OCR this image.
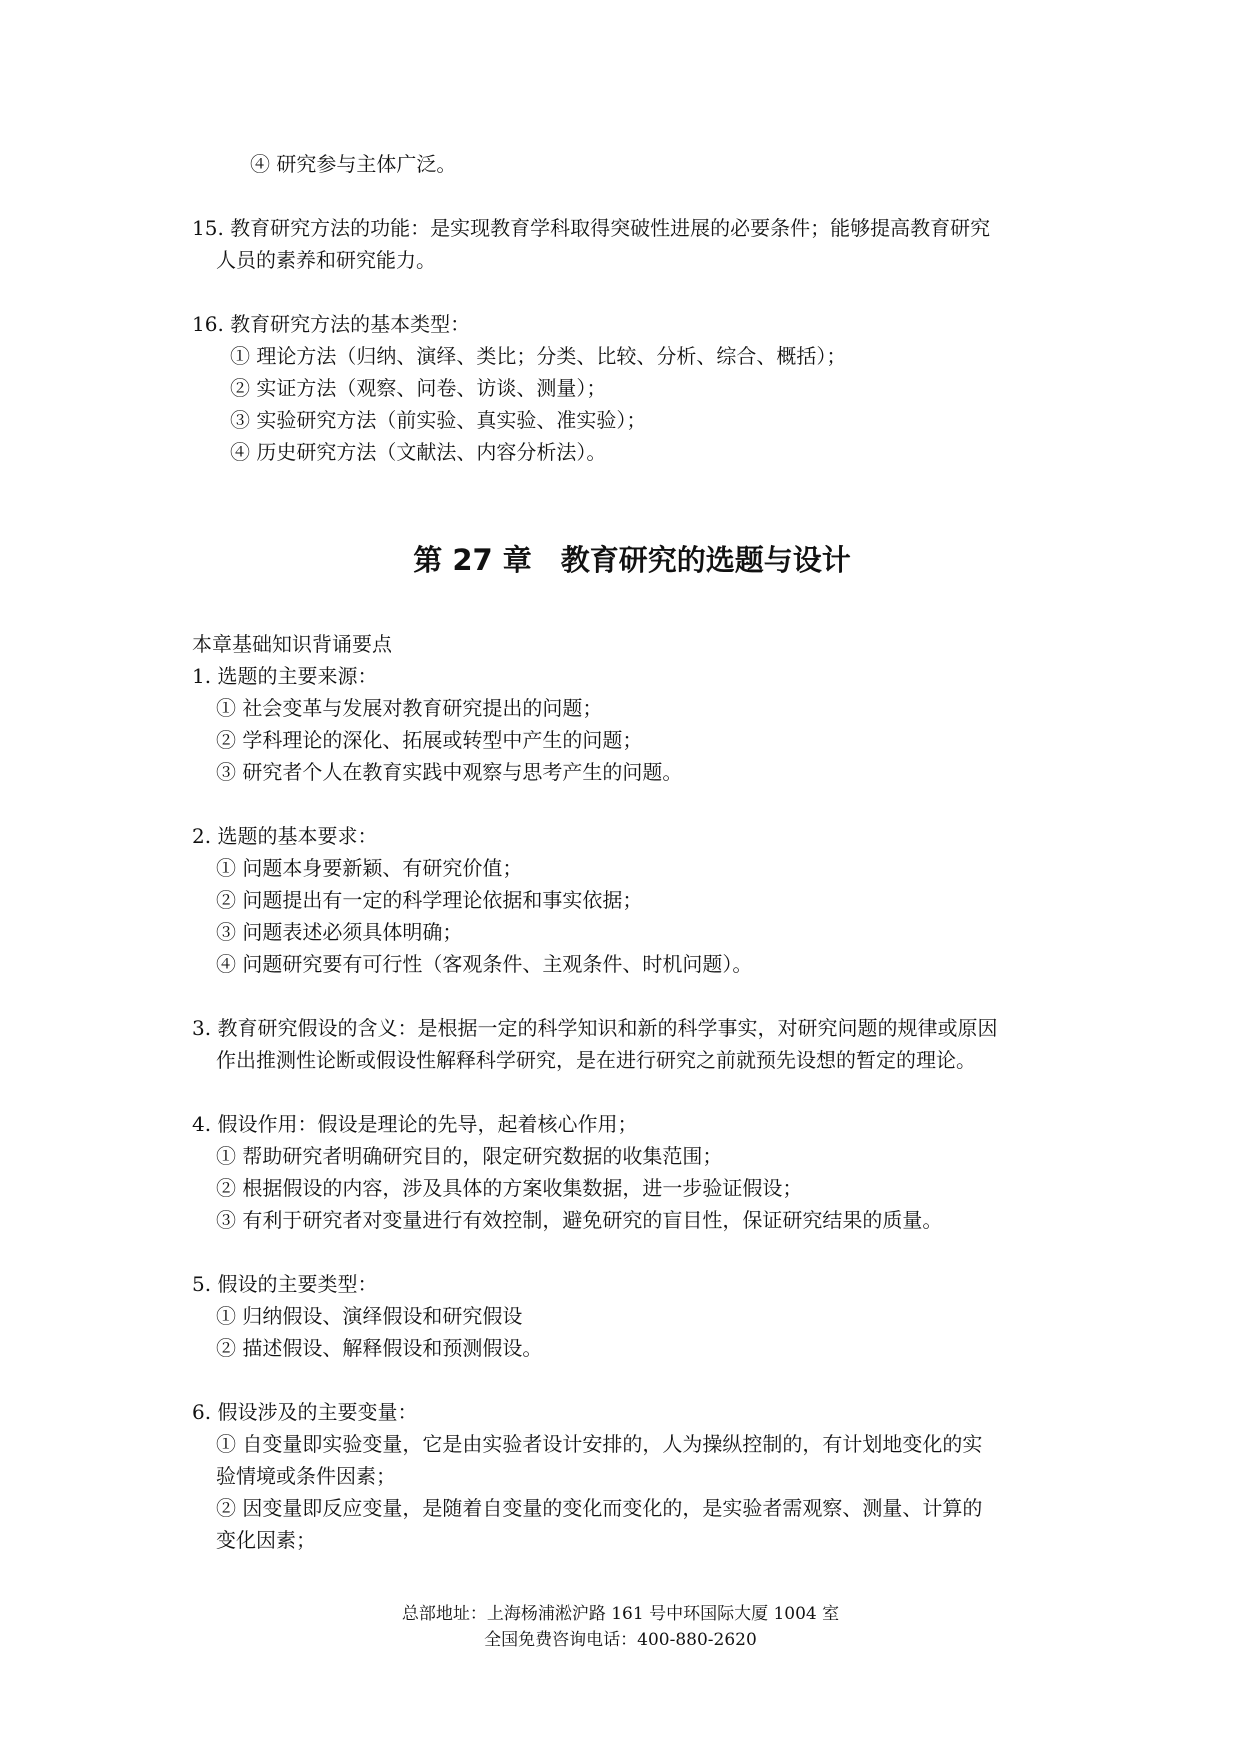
④ 研究参与主体广泛。
15. 教育研究方法的功能：是实现教育学科取得突破性进展的必要条件；能够提高教育研究
人员的素养和研究能力。
16. 教育研究方法的基本类型：
① 理论方法（归纳、演绎、类比；分类、比较、分析、综合、概括）；
② 实证方法（观察、问卷、访谈、测量）；
③ 实验研究方法（前实验、真实验、准实验）；
④ 历史研究方法（文献法、内容分析法）。
第 27 章　教育研究的选题与设计
本章基础知识背诵要点
1. 选题的主要来源：
① 社会变革与发展对教育研究提出的问题；
② 学科理论的深化、拓展或转型中产生的问题；
③ 研究者个人在教育实践中观察与思考产生的问题。
2. 选题的基本要求：
① 问题本身要新颖、有研究价值；
② 问题提出有一定的科学理论依据和事实依据；
③ 问题表述必须具体明确；
④ 问题研究要有可行性（客观条件、主观条件、时机问题）。
3. 教育研究假设的含义：是根据一定的科学知识和新的科学事实，对研究问题的规律或原因
作出推测性论断或假设性解释科学研究，是在进行研究之前就预先设想的暂定的理论。
4. 假设作用：假设是理论的先导，起着核心作用；
① 帮助研究者明确研究目的，限定研究数据的收集范围；
② 根据假设的内容，涉及具体的方案收集数据，进一步验证假设；
③ 有利于研究者对变量进行有效控制，避免研究的盲目性，保证研究结果的质量。
5. 假设的主要类型：
① 归纳假设、演绎假设和研究假设
② 描述假设、解释假设和预测假设。
6. 假设涉及的主要变量：
① 自变量即实验变量，它是由实验者设计安排的，人为操纵控制的，有计划地变化的实
验情境或条件因素；
② 因变量即反应变量，是随着自变量的变化而变化的，是实验者需观察、测量、计算的
变化因素；
总部地址：上海杨浦淞沪路 161 号中环国际大厦 1004 室
全国免费咨询电话：400-880-2620
